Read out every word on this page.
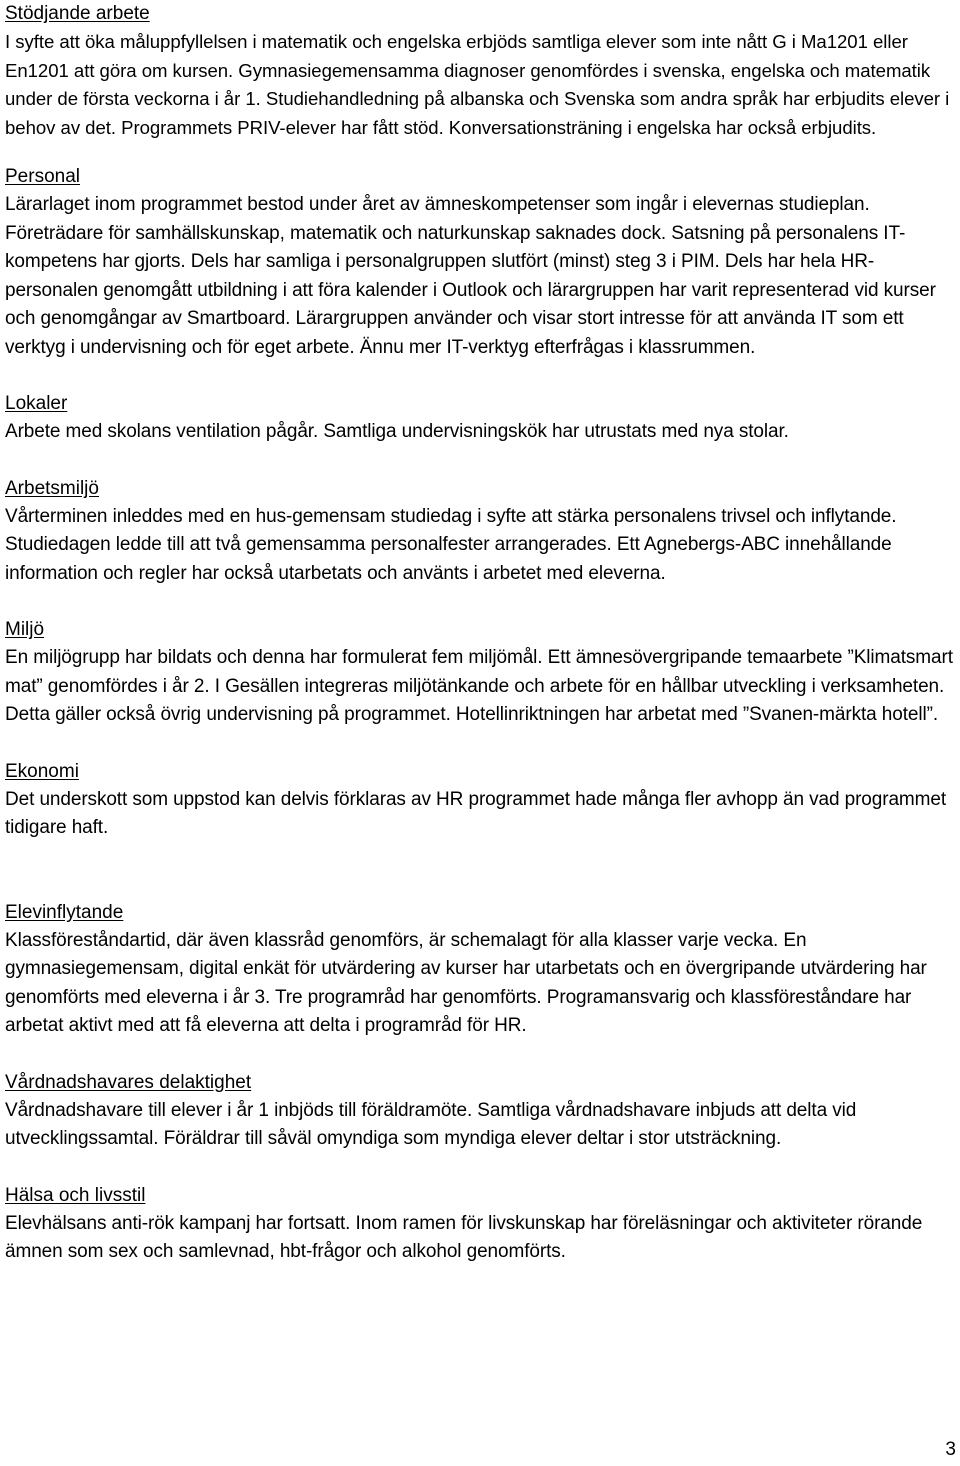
Stödjande arbete

I syfte att öka måluppfyllelsen i matematik och engelska erbjöds samtliga elever som inte nått G i Ma1201 eller En1201 att göra om kursen. Gymnasiegemensamma diagnoser genomfördes i svenska, engelska och matematik under de första veckorna i år 1. Studiehandledning på albanska och Svenska som andra språk har erbjudits elever i behov av det. Programmets PRIV-elever har fått stöd. Konversationsträning i engelska har också erbjudits.

Personal

Lärarlaget inom programmet bestod under året av ämneskompetenser som ingår i elevernas studieplan. Företrädare för samhällskunskap, matematik och naturkunskap saknades dock. Satsning på personalens IT-kompetens har gjorts. Dels har samliga i personalgruppen slutfört (minst) steg 3 i PIM. Dels har hela HR-personalen genomgått utbildning i att föra kalender i Outlook och lärargruppen har varit representerad vid kurser och genomgångar av Smartboard. Lärargruppen använder och visar stort intresse för att använda IT som ett verktyg i undervisning och för eget arbete. Ännu mer IT-verktyg efterfrågas i klassrummen.

Lokaler

Arbete med skolans ventilation pågår. Samtliga undervisningskök har utrustats med nya stolar.

Arbetsmiljö

Vårterminen inleddes med en hus-gemensam studiedag i syfte att stärka personalens trivsel och inflytande. Studiedagen ledde till att två gemensamma personalfester arrangerades. Ett Agnebergs-ABC innehållande information och regler har också utarbetats och använts i arbetet med eleverna.

Miljö

En miljögrupp har bildats och denna har formulerat fem miljömål. Ett ämnesövergripande temaarbete ”Klimatsmart mat” genomfördes i år 2. I Gesällen integreras miljötänkande och arbete för en hållbar utveckling i verksamheten. Detta gäller också övrig undervisning på programmet. Hotellinriktningen har arbetat med ”Svanen-märkta hotell”.

Ekonomi

Det underskott som uppstod kan delvis förklaras av HR programmet hade många fler avhopp än vad programmet tidigare haft.

Elevinflytande

Klassföreståndartid, där även klassråd genomförs, är schemalagt för alla klasser varje vecka. En gymnasiegemensam, digital enkät för utvärdering av kurser har utarbetats och en övergripande utvärdering har genomförts med eleverna i år 3. Tre programråd har genomförts. Programansvarig och klassföreståndare har arbetat aktivt med att få eleverna att delta i programråd för HR.

Vårdnadshavares delaktighet

Vårdnadshavare till elever i år 1 inbjöds till föräldramöte. Samtliga vårdnadshavare inbjuds att delta vid utvecklingssamtal. Föräldrar till såväl omyndiga som myndiga elever deltar i stor utsträckning.

Hälsa och livsstil

Elevhälsans anti-rök kampanj har fortsatt. Inom ramen för livskunskap har föreläsningar och aktiviteter rörande ämnen som sex och samlevnad, hbt-frågor och alkohol genomförts.

3
